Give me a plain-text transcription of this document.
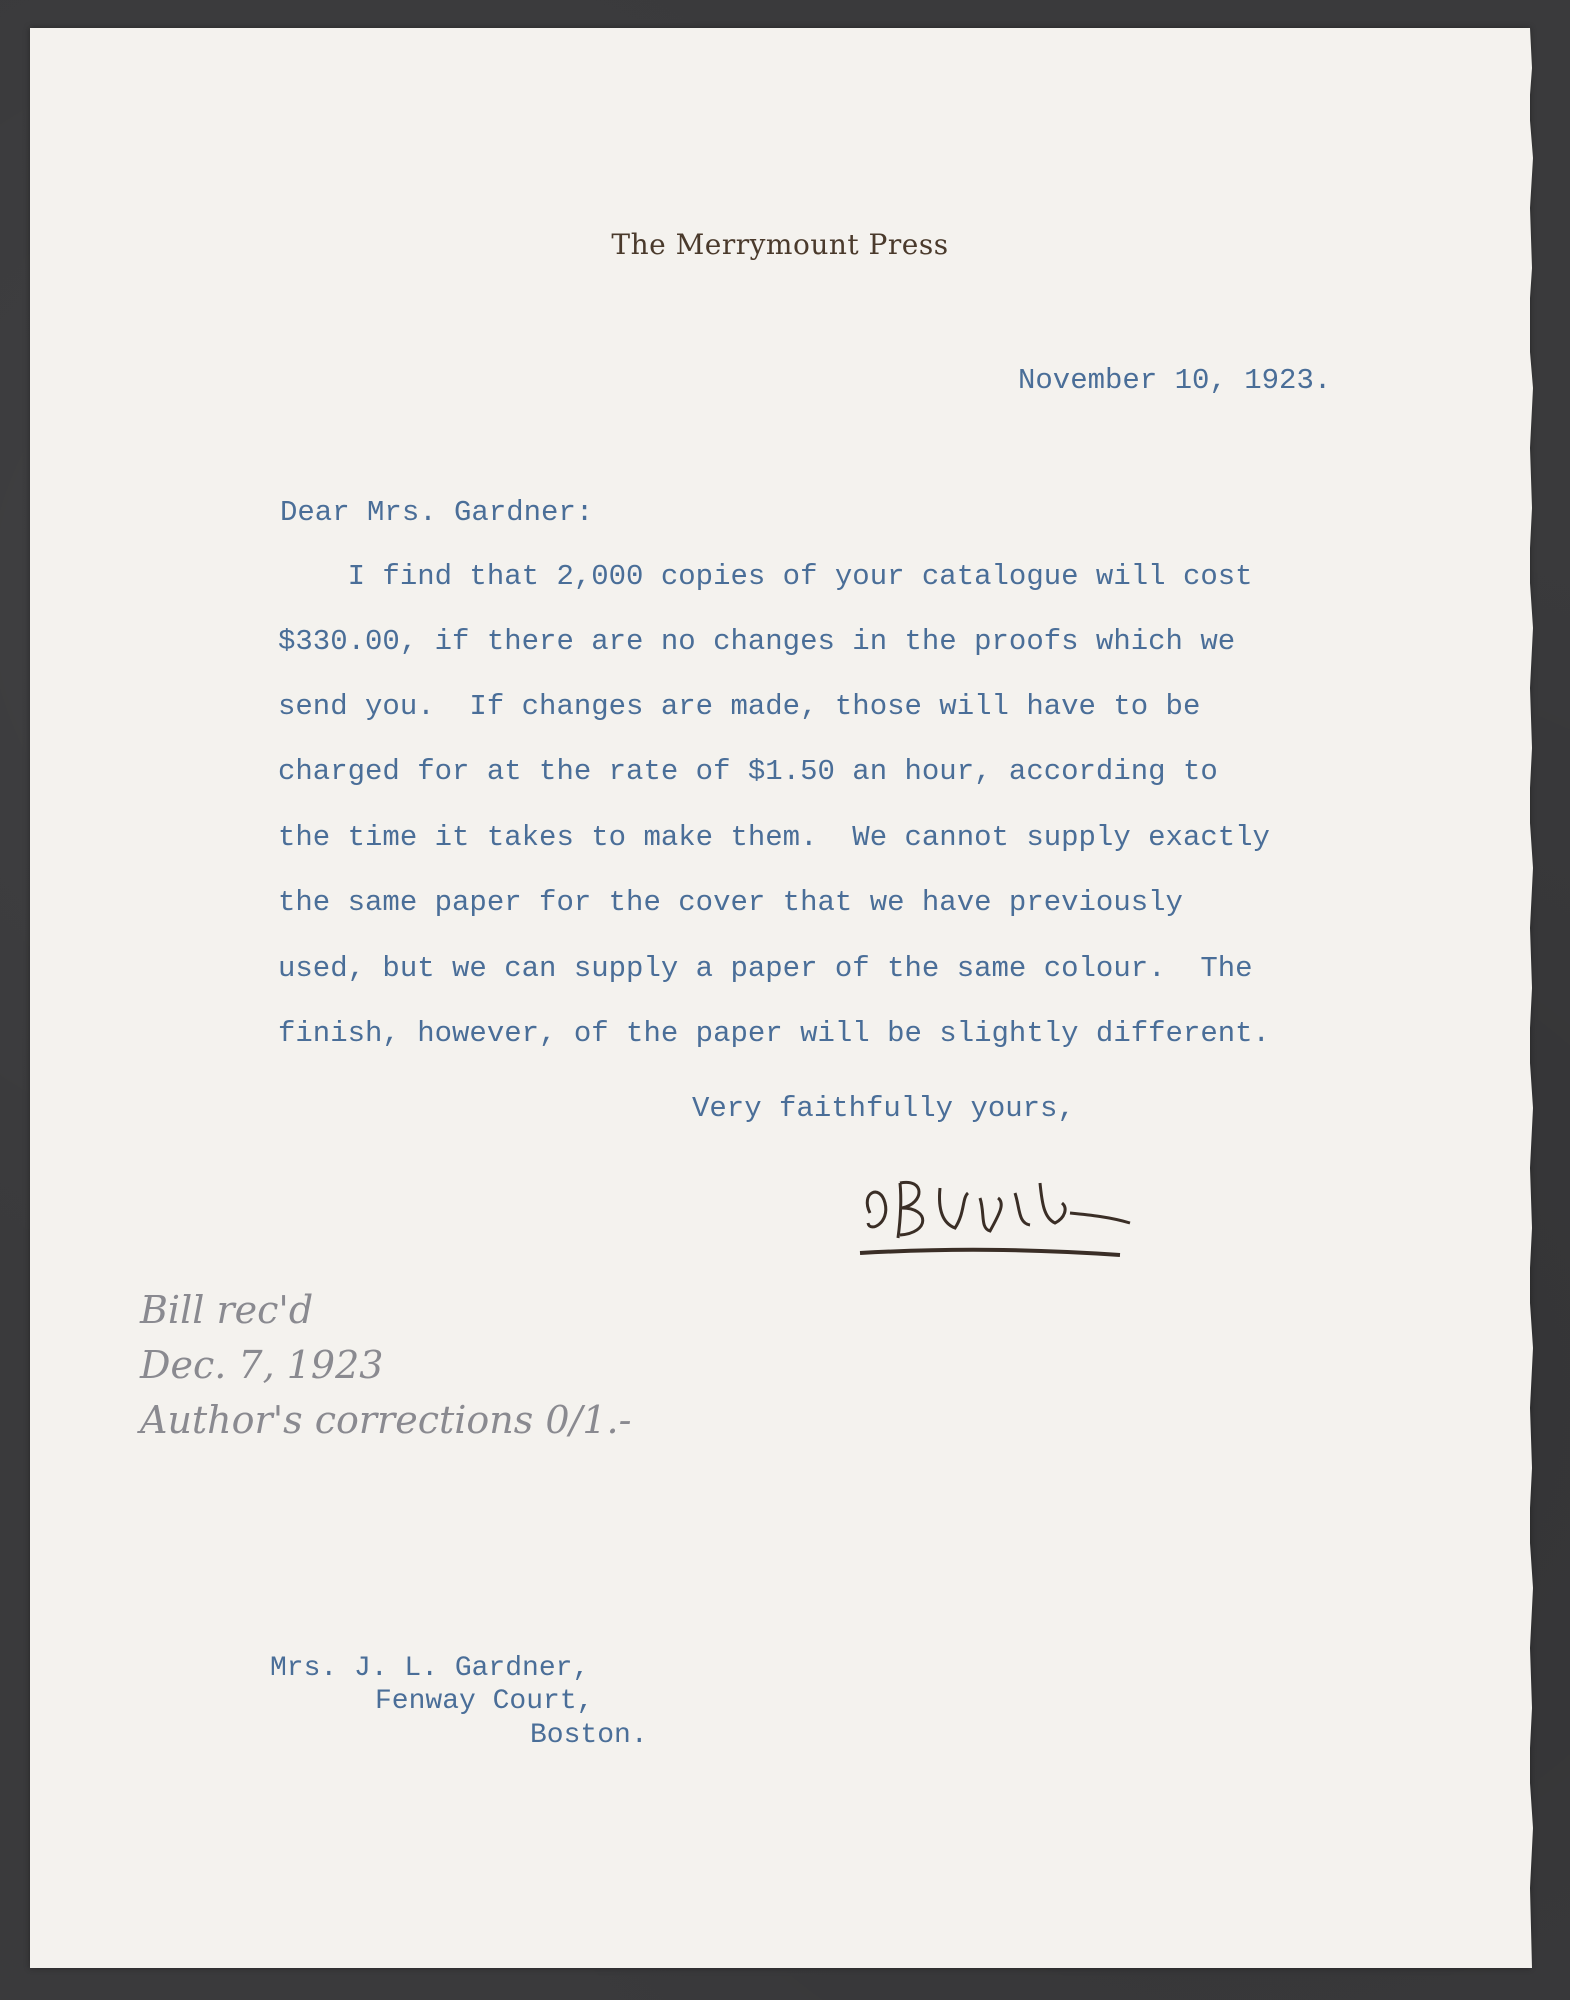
The Merrymount Press
November 10, 1923.
Dear Mrs. Gardner:
I find that 2,000 copies of your catalogue will cost
$330.00, if there are no changes in the proofs which we
send you.  If changes are made, those will have to be
charged for at the rate of $1.50 an hour, according to
the time it takes to make them.  We cannot supply exactly
the same paper for the cover that we have previously
used, but we can supply a paper of the same colour.  The
finish, however, of the paper will be slightly different.
Very faithfully yours,
Bill rec'd
Dec. 7, 1923
Author's corrections 0/1.-
Mrs. J. L. Gardner,
Fenway Court,
Boston.
